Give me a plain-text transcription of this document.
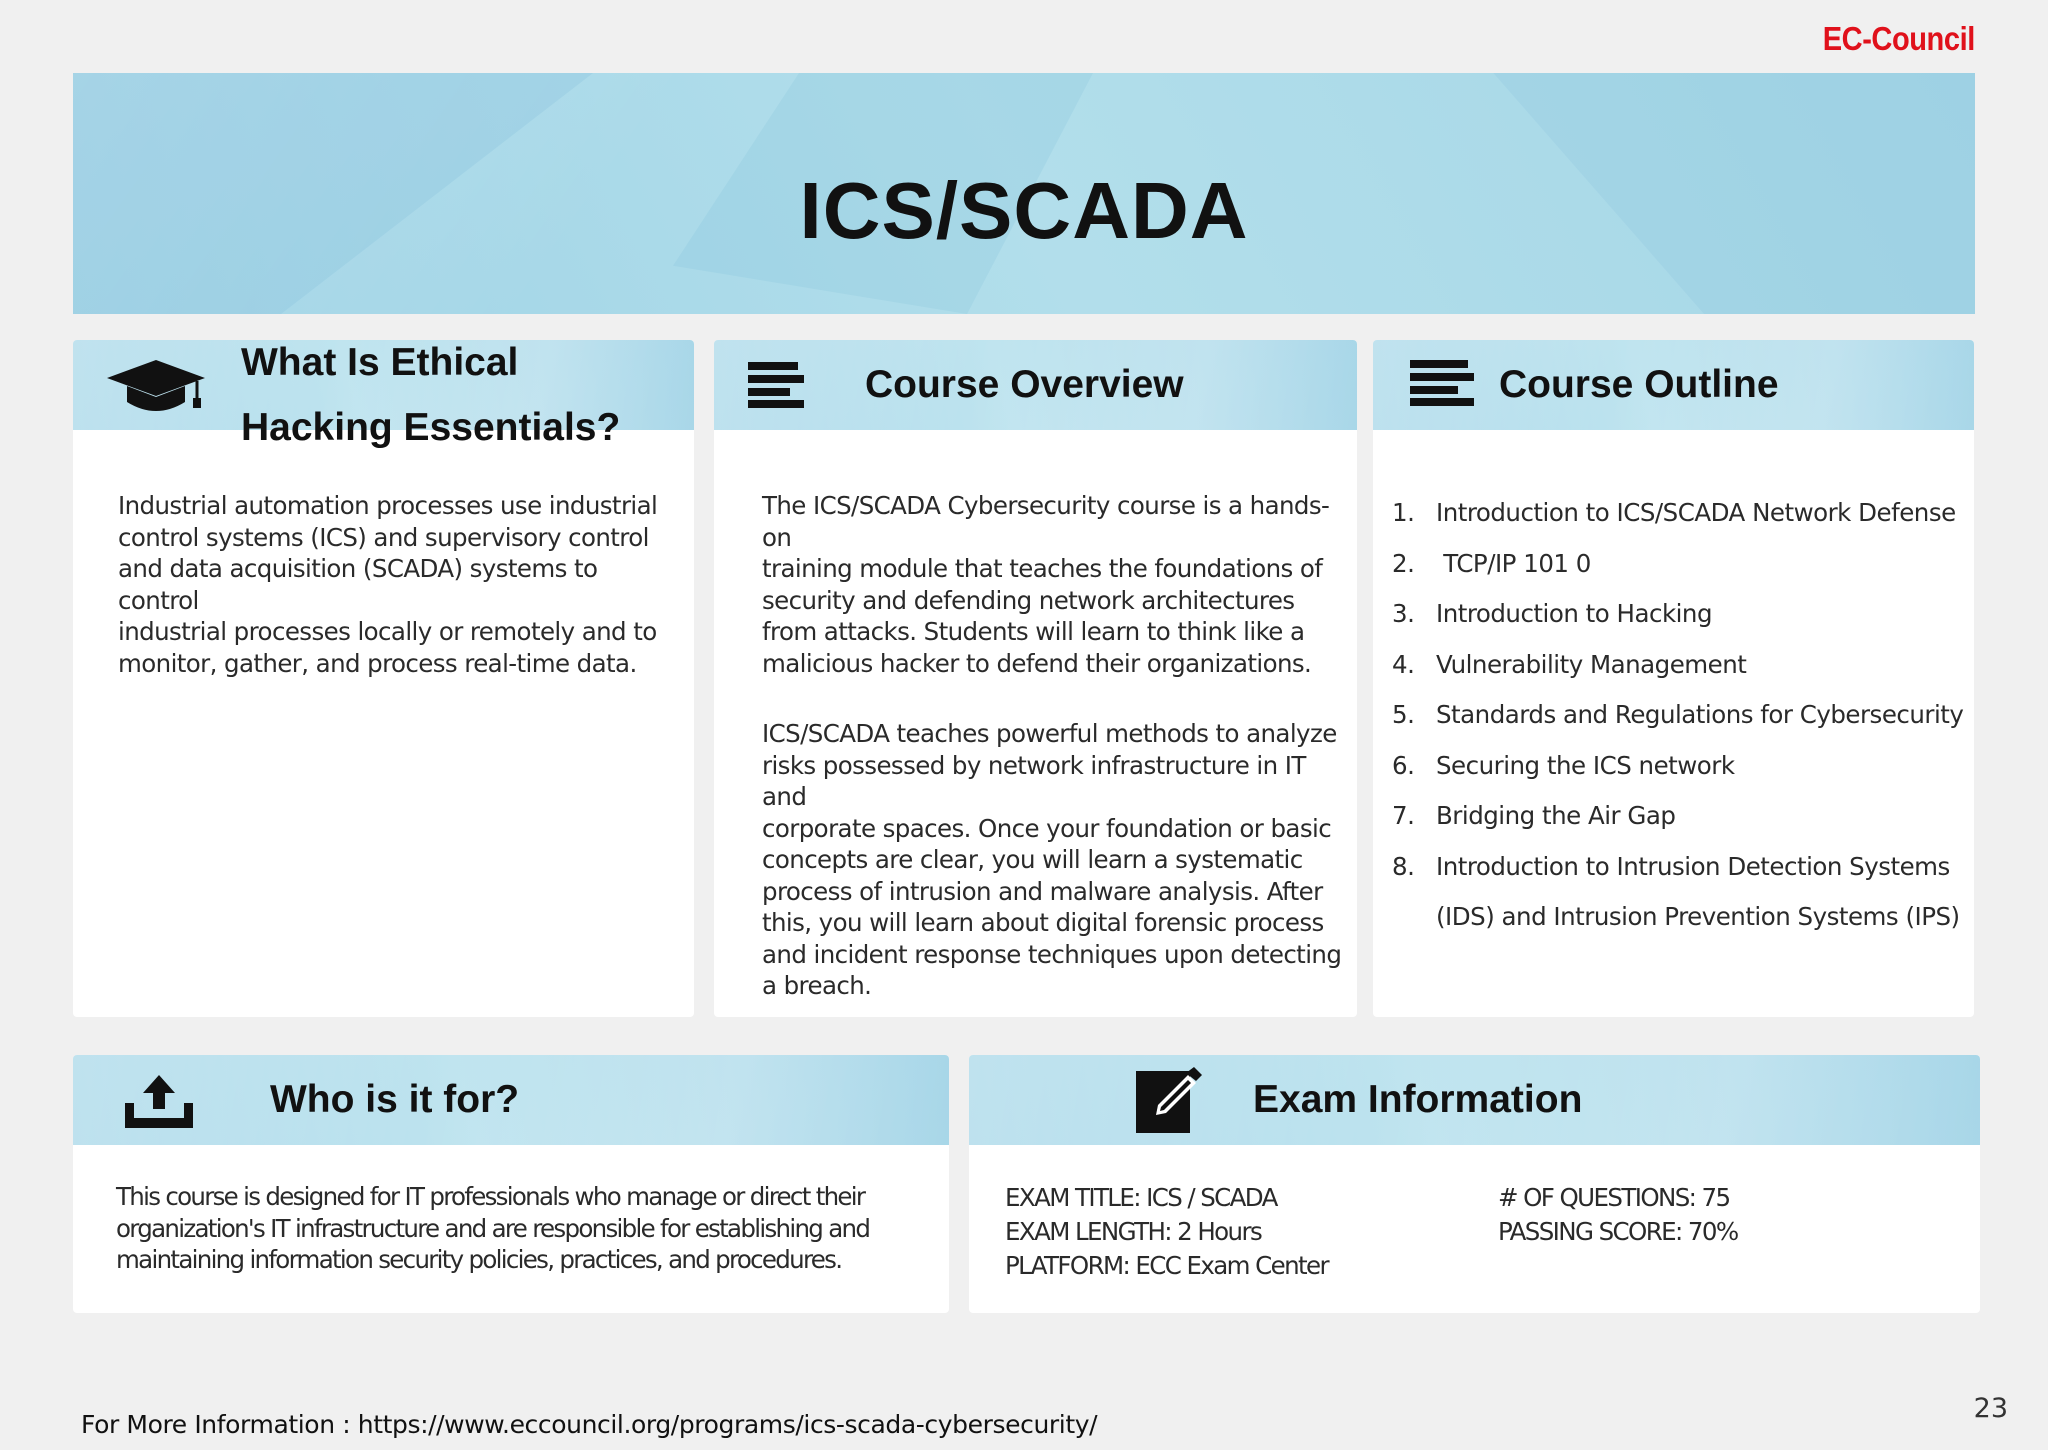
EC-Council
ICS/SCADA
What Is Ethical
Hacking Essentials?
Industrial automation processes use industrial
control systems (ICS) and supervisory control
and data acquisition (SCADA) systems to control
industrial processes locally or remotely and to
monitor, gather, and process real-time data.
Course Overview
The ICS/SCADA Cybersecurity course is a hands-on
training module that teaches the foundations of
security and defending network architectures
from attacks. Students will learn to think like a
malicious hacker to defend their organizations.
ICS/SCADA teaches powerful methods to analyze
risks possessed by network infrastructure in IT and
corporate spaces. Once your foundation or basic
concepts are clear, you will learn a systematic
process of intrusion and malware analysis. After
this, you will learn about digital forensic process
and incident response techniques upon detecting
a breach.
Course Outline
1. Introduction to ICS/SCADA Network Defense
2. TCP/IP 101 0
3. Introduction to Hacking
4. Vulnerability Management
5. Standards and Regulations for Cybersecurity
6. Securing the ICS network
7. Bridging the Air Gap
8. Introduction to Intrusion Detection Systems
(IDS) and Intrusion Prevention Systems (IPS)
Who is it for?
This course is designed for IT professionals who manage or direct their
organization's IT infrastructure and are responsible for establishing and
maintaining information security policies, practices, and procedures.
Exam Information
EXAM TITLE: ICS / SCADA
EXAM LENGTH: 2 Hours
PLATFORM: ECC Exam Center
# OF QUESTIONS: 75
PASSING SCORE: 70%
For More Information : https://www.eccouncil.org/programs/ics-scada-cybersecurity/
23
